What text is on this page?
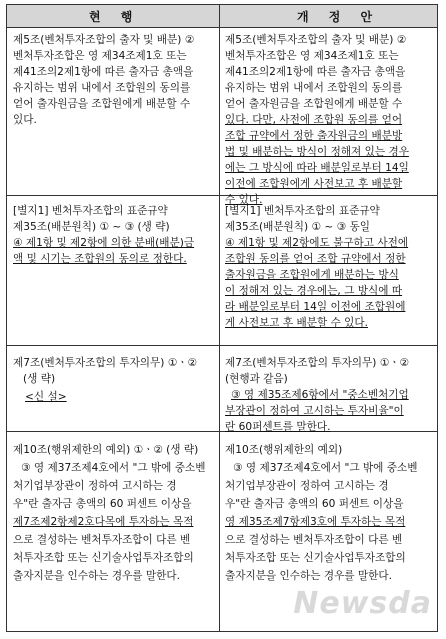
현 행	개 정 안

제5조(벤처투자조합의 출자 및 배분) ②

벤처투자조합은 영 제34조제1호 또는

제41조의2제1항에 따른 출자금 총액을

유지하는 범위 내에서 조합원의 동의를

얻어 출자원금을 조합원에게 배분할 수

있다.

제5조(벤처투자조합의 출자 및 배분) ②

벤처투자조합은 영 제34조제1호 또는

제41조의2제1항에 따른 출자금 총액을

유지하는 범위 내에서 조합원의 동의를

얻어 출자원금을 조합원에게 배분할 수

있다. 다만, 사전에 조합원 동의를 얻어

조합 규약에서 정한 출자원금의 배분방

법 및 배분하는 방식이 정해져 있는 경우

에는 그 방식에 따라 배분일로부터 14일

이전에 조합원에게 사전보고 후 배분할

수 있다.

[별지1] 벤처투자조합의 표준규약

제35조(배분원칙) ① ~ ③ (생 략)

④ 제1항 및 제2항에 의한 분배(배분)금

액 및 시기는 조합원의 동의로 정한다.

[별지1] 벤처투자조합의 표준규약

제35조(배분원칙) ① ~ ③ 동일

④ 제1항 및 제2항에도 불구하고 사전에

조합원 동의를 얻어 조합 규약에서 정한

출자원금을 조합원에게 배분하는 방식

이 정해져 있는 경우에는, 그 방식에 따

라 배분일로부터 14일 이전에 조합원에

게 사전보고 후 배분할 수 있다.

제7조(벤처투자조합의 투자의무) ①ㆍ②

(생 략)

<신 설>

제7조(벤처투자조합의 투자의무) ①ㆍ②

(현행과 같음)

③ 영 제35조제6항에서 "중소벤처기업

부장관이 정하여 고시하는 투자비율"이

란 60퍼센트를 말한다.

제10조(행위제한의 예외) ①ㆍ② (생 략)

③ 영 제37조제4호에서 "그 밖에 중소벤

처기업부장관이 정하여 고시하는 경

우"란 출자금 총액의 60 퍼센트 이상을

제7조제2항제2호다목에 투자하는 목적

으로 결성하는 벤처투자조합이 다른 벤

처투자조합 또는 신기술사업투자조합의

출자지분을 인수하는 경우를 말한다.

제10조(행위제한의 예외)

③ 영 제37조제4호에서 "그 밖에 중소벤

처기업부장관이 정하여 고시하는 경

우"란 출자금 총액의 60 퍼센트 이상을

영 제35조제7항제3호에 투자하는 목적

으로 결성하는 벤처투자조합이 다른 벤

처투자조합 또는 신기술사업투자조합의

출자지분을 인수하는 경우를 말한다.

Newsda
